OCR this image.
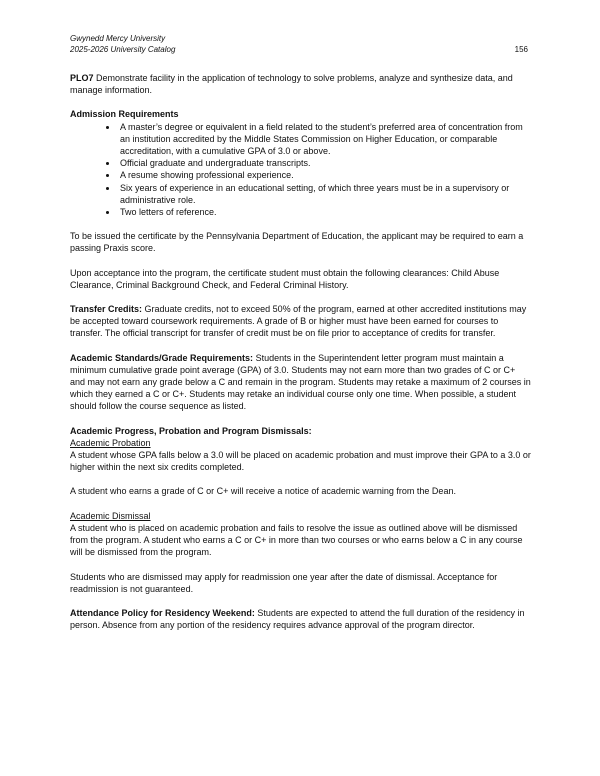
Gwynedd Mercy University
2025-2026 University Catalog	156

PLO7 Demonstrate facility in the application of technology to solve problems, analyze and synthesize data, and manage information.

Admission Requirements
• A master’s degree or equivalent in a field related to the student’s preferred area of concentration from an institution accredited by the Middle States Commission on Higher Education, or comparable accreditation, with a cumulative GPA of 3.0 or above.
• Official graduate and undergraduate transcripts.
• A resume showing professional experience.
• Six years of experience in an educational setting, of which three years must be in a supervisory or administrative role.
• Two letters of reference.

To be issued the certificate by the Pennsylvania Department of Education, the applicant may be required to earn a passing Praxis score.

Upon acceptance into the program, the certificate student must obtain the following clearances: Child Abuse Clearance, Criminal Background Check, and Federal Criminal History.

Transfer Credits: Graduate credits, not to exceed 50% of the program, earned at other accredited institutions may be accepted toward coursework requirements. A grade of B or higher must have been earned for courses to transfer. The official transcript for transfer of credit must be on file prior to acceptance of credits for transfer.

Academic Standards/Grade Requirements: Students in the Superintendent letter program must maintain a minimum cumulative grade point average (GPA) of 3.0. Students may not earn more than two grades of C or C+ and may not earn any grade below a C and remain in the program. Students may retake a maximum of 2 courses in which they earned a C or C+. Students may retake an individual course only one time. When possible, a student should follow the course sequence as listed.

Academic Progress, Probation and Program Dismissals:
Academic Probation

A student whose GPA falls below a 3.0 will be placed on academic probation and must improve their GPA to a 3.0 or higher within the next six credits completed.

A student who earns a grade of C or C+ will receive a notice of academic warning from the Dean.

Academic Dismissal

A student who is placed on academic probation and fails to resolve the issue as outlined above will be dismissed from the program. A student who earns a C or C+ in more than two courses or who earns below a C in any course will be dismissed from the program.

Students who are dismissed may apply for readmission one year after the date of dismissal. Acceptance for readmission is not guaranteed.

Attendance Policy for Residency Weekend: Students are expected to attend the full duration of the residency in person. Absence from any portion of the residency requires advance approval of the program director.
